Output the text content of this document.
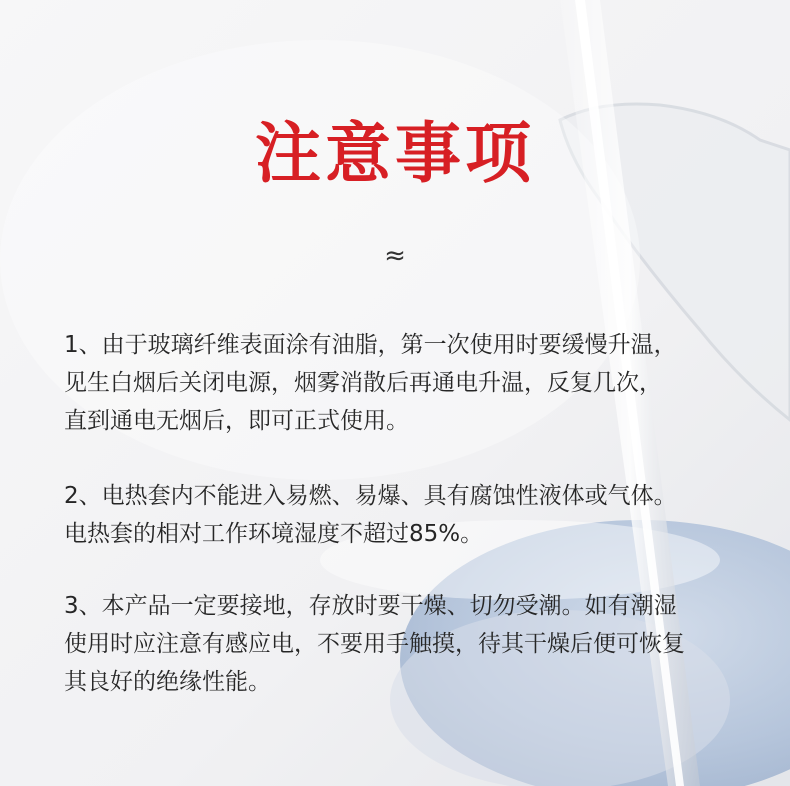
注意事项
≈

1、由于玻璃纤维表面涂有油脂，第一次使用时要缓慢升温，
见生白烟后关闭电源，烟雾消散后再通电升温，反复几次，
直到通电无烟后，即可正式使用。

2、电热套内不能进入易燃、易爆、具有腐蚀性液体或气体。
电热套的相对工作环境湿度不超过85%。

3、本产品一定要接地，存放时要干燥、切勿受潮。如有潮湿
使用时应注意有感应电，不要用手触摸，待其干燥后便可恢复
其良好的绝缘性能。
